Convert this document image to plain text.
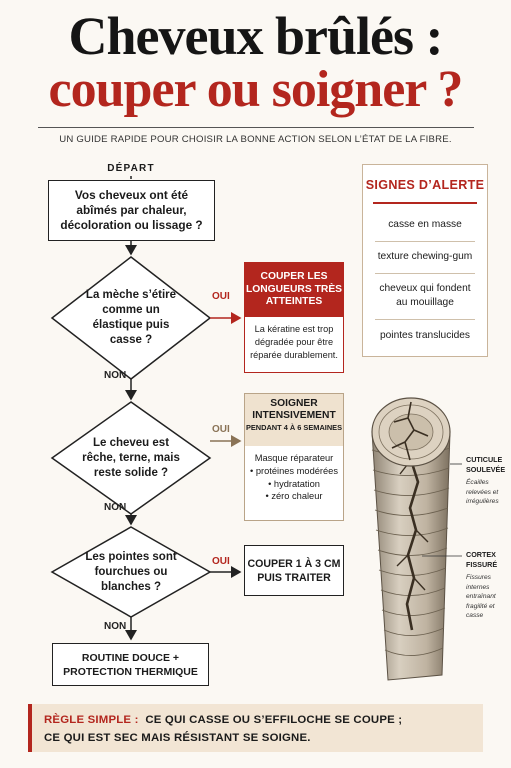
Cheveux brûlés :
couper ou soigner ?
UN GUIDE RAPIDE POUR CHOISIR LA BONNE ACTION SELON L’ÉTAT DE LA FIBRE.
DÉPART
Vos cheveux ont été abîmés par chaleur, décoloration ou lissage ?
La mèche s’étire comme un élastique puis casse ?
Le cheveu est rêche, terne, mais reste solide ?
Les pointes sont fourchues ou blanches ?
OUI
OUI
OUI
NON
NON
NON
COUPER LES LONGUEURS TRÈS ATTEINTES
La kératine est trop dégradée pour être réparée durablement.
SOIGNER INTENSIVEMENT
PENDANT 4 À 6 SEMAINES
Masque réparateur
• protéines modérées
• hydratation
• zéro chaleur
COUPER 1 À 3 CM PUIS TRAITER
ROUTINE DOUCE + PROTECTION THERMIQUE
SIGNES D’ALERTE
casse en masse
texture chewing-gum
cheveux qui fondent au mouillage
pointes translucides
CUTICULE SOULEVÉE
Écailles relevées et irrégulières
CORTEX FISSURÉ
Fissures internes entraînant fragilité et casse
RÈGLE SIMPLE : CE QUI CASSE OU S’EFFILOCHE SE COUPE ;
CE QUI EST SEC MAIS RÉSISTANT SE SOIGNE.
